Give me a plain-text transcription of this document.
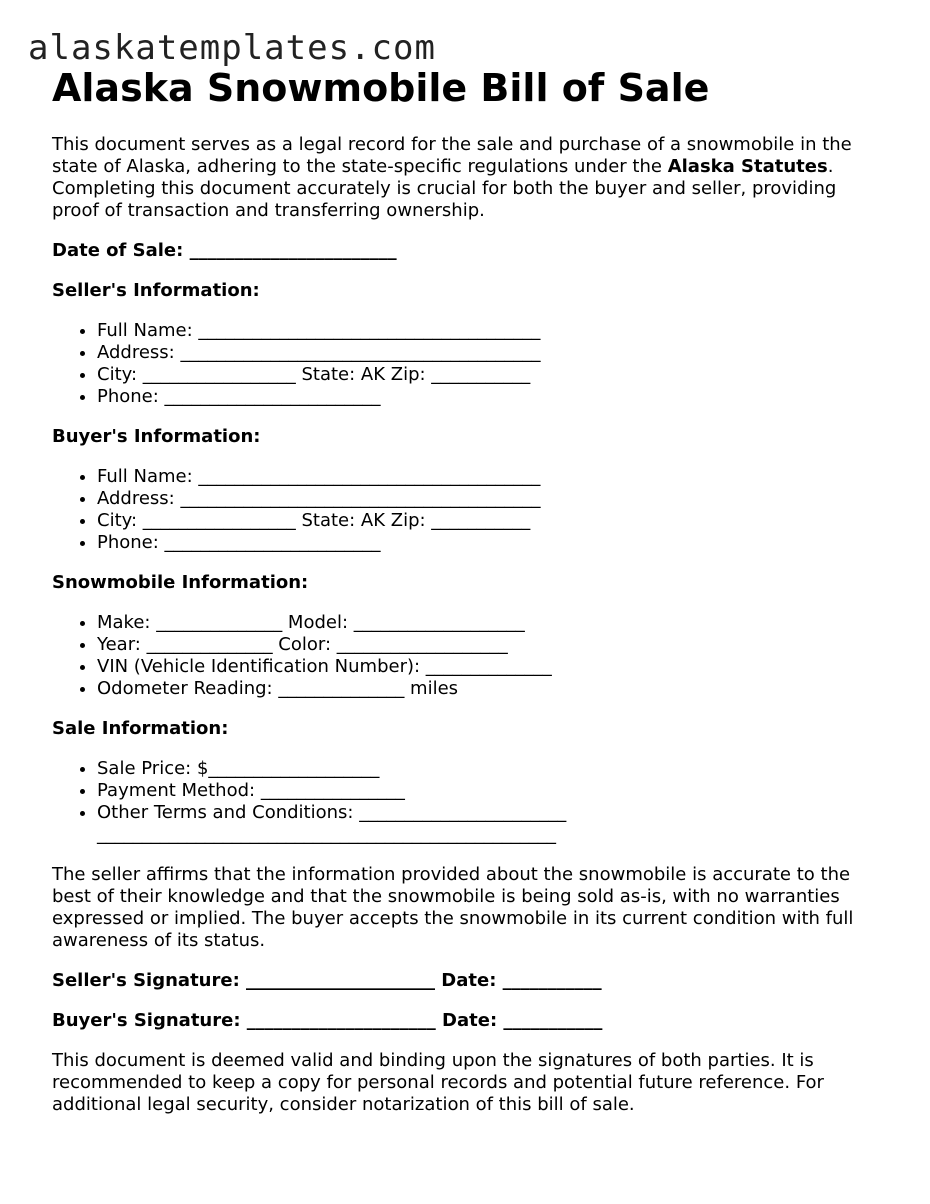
alaskatemplates.com
Alaska Snowmobile Bill of Sale

This document serves as a legal record for the sale and purchase of a snowmobile in the state of Alaska, adhering to the state-specific regulations under the Alaska Statutes. Completing this document accurately is crucial for both the buyer and seller, providing proof of transaction and transferring ownership.

Date of Sale: _______________________

Seller's Information:

• Full Name: ______________________________________
• Address: ________________________________________
• City: _________________ State: AK Zip: ___________
• Phone: ________________________

Buyer's Information:

• Full Name: ______________________________________
• Address: ________________________________________
• City: _________________ State: AK Zip: ___________
• Phone: ________________________

Snowmobile Information:

• Make: ______________ Model: ___________________
• Year: ______________ Color: ___________________
• VIN (Vehicle Identification Number): ______________
• Odometer Reading: ______________ miles

Sale Information:

• Sale Price: $___________________
• Payment Method: ________________
• Other Terms and Conditions: _______________________
___________________________________________________

The seller affirms that the information provided about the snowmobile is accurate to the best of their knowledge and that the snowmobile is being sold as-is, with no warranties expressed or implied. The buyer accepts the snowmobile in its current condition with full awareness of its status.

Seller's Signature: _____________________ Date: ___________

Buyer's Signature: _____________________ Date: ___________

This document is deemed valid and binding upon the signatures of both parties. It is recommended to keep a copy for personal records and potential future reference. For additional legal security, consider notarization of this bill of sale.
